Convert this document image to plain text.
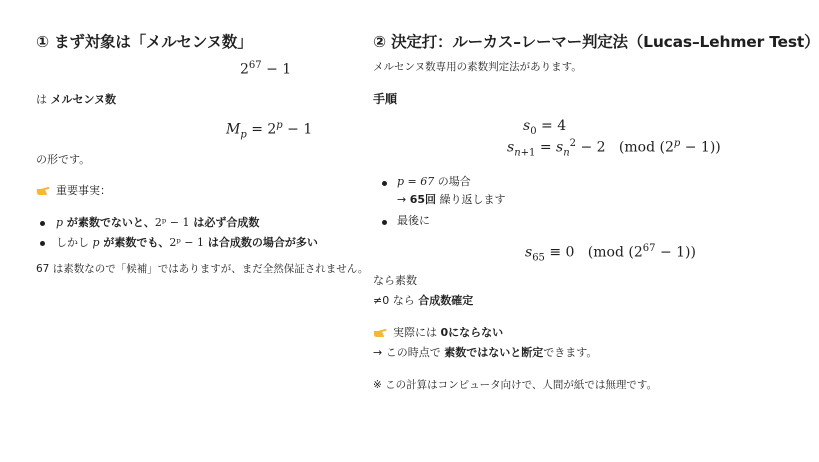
① まず対象は「メルセンヌ数」
$2^{67} - 1$
は メルセンヌ数
$M_p = 2^p - 1$
の形です。
重要事実：
p が素数でないと、2ᵖ − 1 は必ず合成数
しかし p が素数でも、2ᵖ − 1 は合成数の場合が多い
67 は素数なので「候補」ではありますが、まだ全然保証されません。
② 決定打：ルーカス–レーマー判定法（Lucas–Lehmer Test）
メルセンヌ数専用の素数判定法があります。
手順
$s_0 = 4$
$s_{n+1} = s_n^2 - 2$   (mod $(2^p - 1)$)
p = 67 の場合
→ 65回 繰り返します
最後に
$s_{65} \equiv 0$   (mod $(2^{67} - 1)$)
なら素数
≠0 なら 合成数確定
実際には 0にならない
→ この時点で 素数ではないと断定できます。
※ この計算はコンピュータ向けで、人間が紙では無理です。
